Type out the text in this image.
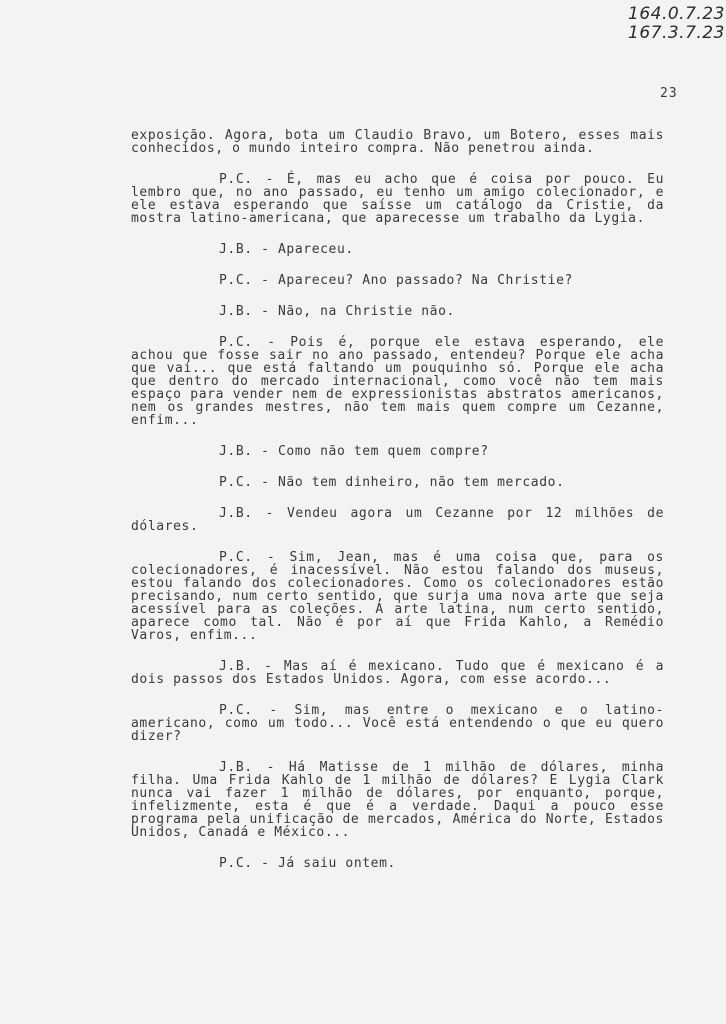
164.0.7.23
167.3.7.23
23

exposição. Agora, bota um Claudio Bravo, um Botero, esses mais conhecidos, o mundo inteiro compra. Não penetrou ainda.

P.C. - É, mas eu acho que é coisa por pouco. Eu lembro que, no ano passado, eu tenho um amigo colecionador, e ele estava esperando que saísse um catálogo da Cristie, da mostra latino-americana, que aparecesse um trabalho da Lygia.

J.B. - Apareceu.

P.C. - Apareceu? Ano passado? Na Christie?

J.B. - Não, na Christie não.

P.C. - Pois é, porque ele estava esperando, ele achou que fosse sair no ano passado, entendeu? Porque ele acha que vai... que está faltando um pouquinho só. Porque ele acha que dentro do mercado internacional, como você não tem mais espaço para vender nem de expressionistas abstratos americanos, nem os grandes mestres, não tem mais quem compre um Cezanne, enfim...

J.B. - Como não tem quem compre?

P.C. - Não tem dinheiro, não tem mercado.

J.B. - Vendeu agora um Cezanne por 12 milhões de dólares.

P.C. - Sim, Jean, mas é uma coisa que, para os colecionadores, é inacessível. Não estou falando dos museus, estou falando dos colecionadores. Como os colecionadores estão precisando, num certo sentido, que surja uma nova arte que seja acessível para as coleções. A arte latina, num certo sentido, aparece como tal. Não é por aí que Frida Kahlo, a Remédio Varos, enfim...

J.B. - Mas aí é mexicano. Tudo que é mexicano é a dois passos dos Estados Unidos. Agora, com esse acordo...

P.C. - Sim, mas entre o mexicano e o latino-americano, como um todo... Você está entendendo o que eu quero dizer?

J.B. - Há Matisse de 1 milhão de dólares, minha filha. Uma Frida Kahlo de 1 milhão de dólares? E Lygia Clark nunca vai fazer 1 milhão de dólares, por enquanto, porque, infelizmente, esta é que é a verdade. Daqui a pouco esse programa pela unificação de mercados, América do Norte, Estados Unidos, Canadá e México...

P.C. - Já saiu ontem.
